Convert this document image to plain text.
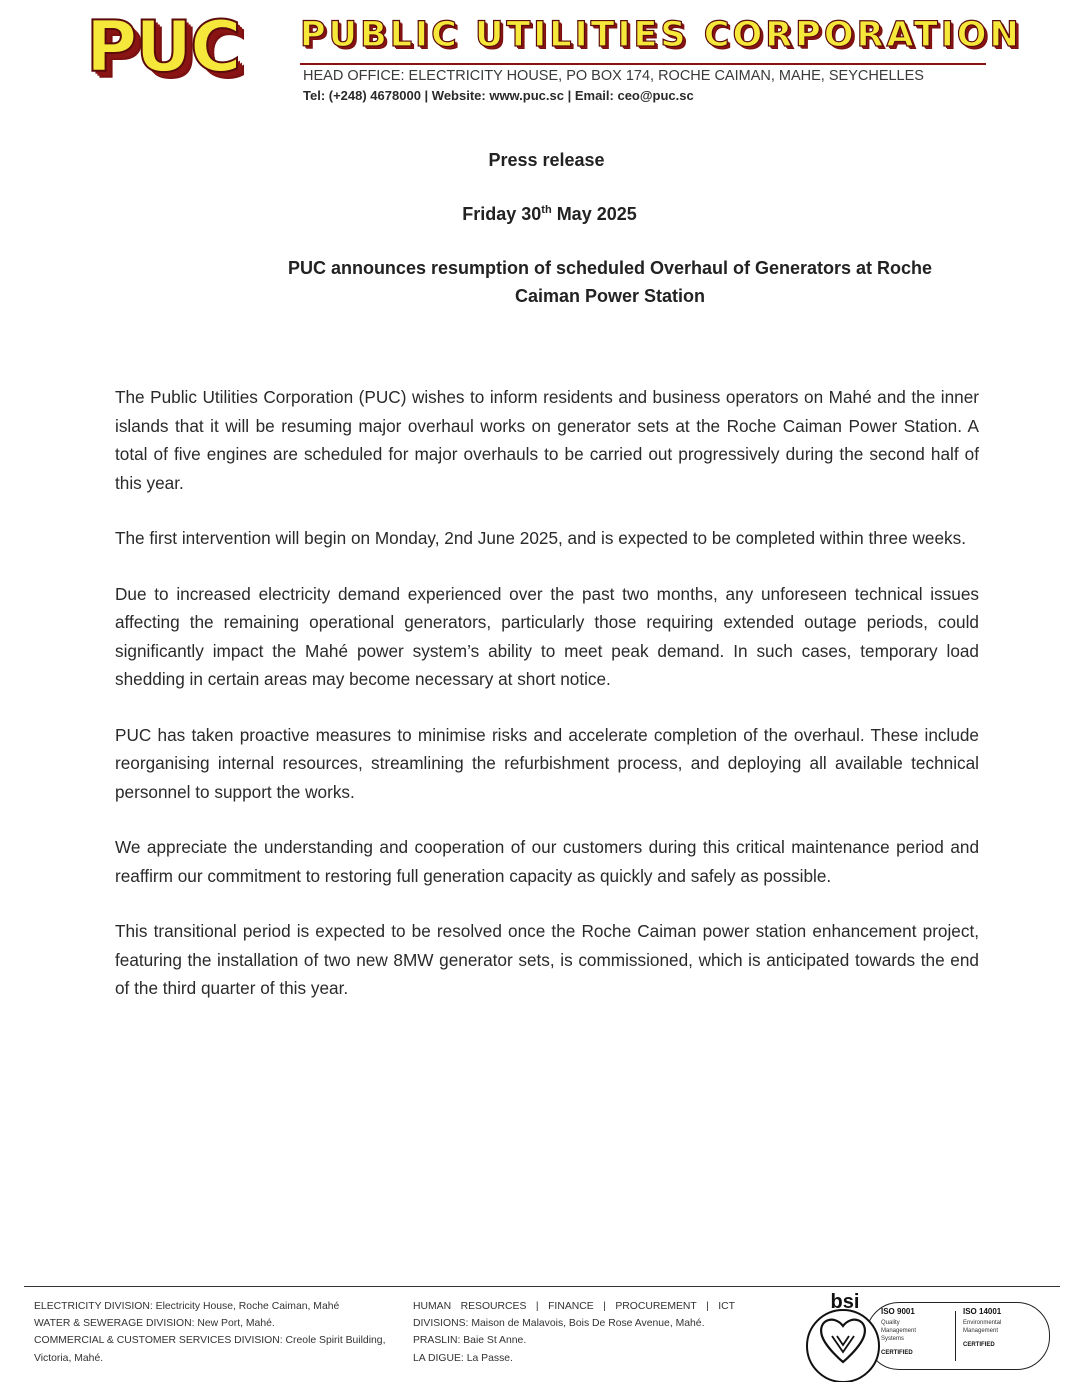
PUC	PUBLIC UTILITIES CORPORATION
HEAD OFFICE: ELECTRICITY HOUSE, PO BOX 174, ROCHE CAIMAN, MAHE, SEYCHELLES
Tel: (+248) 4678000 | Website: www.puc.sc | Email: ceo@puc.sc
Press release
Friday 30th May 2025
PUC announces resumption of scheduled Overhaul of Generators at Roche Caiman Power Station

The Public Utilities Corporation (PUC) wishes to inform residents and business operators on Mahé and the inner islands that it will be resuming major overhaul works on generator sets at the Roche Caiman Power Station. A total of five engines are scheduled for major overhauls to be carried out progressively during the second half of this year.

The first intervention will begin on Monday, 2nd June 2025, and is expected to be completed within three weeks.

Due to increased electricity demand experienced over the past two months, any unforeseen technical issues affecting the remaining operational generators, particularly those requiring extended outage periods, could significantly impact the Mahé power system’s ability to meet peak demand. In such cases, temporary load shedding in certain areas may become necessary at short notice.

PUC has taken proactive measures to minimise risks and accelerate completion of the overhaul. These include reorganising internal resources, streamlining the refurbishment process, and deploying all available technical personnel to support the works.

We appreciate the understanding and cooperation of our customers during this critical maintenance period and reaffirm our commitment to restoring full generation capacity as quickly and safely as possible.

This transitional period is expected to be resolved once the Roche Caiman power station enhancement project, featuring the installation of two new 8MW generator sets, is commissioned, which is anticipated towards the end of the third quarter of this year.

ELECTRICITY DIVISION: Electricity House, Roche Caiman, Mahé
WATER & SEWERAGE DIVISION: New Port, Mahé.
COMMERCIAL & CUSTOMER SERVICES DIVISION: Creole Spirit Building, Victoria, Mahé.
HUMAN RESOURCES | FINANCE | PROCUREMENT | ICT DIVISIONS: Maison de Malavois, Bois De Rose Avenue, Mahé.
PRASLIN: Baie St Anne.
LA DIGUE: La Passe.
ISO 9001
Quality Management Systems
CERTIFIED
ISO 14001
Environmental Management
CERTIFIED
bsi
